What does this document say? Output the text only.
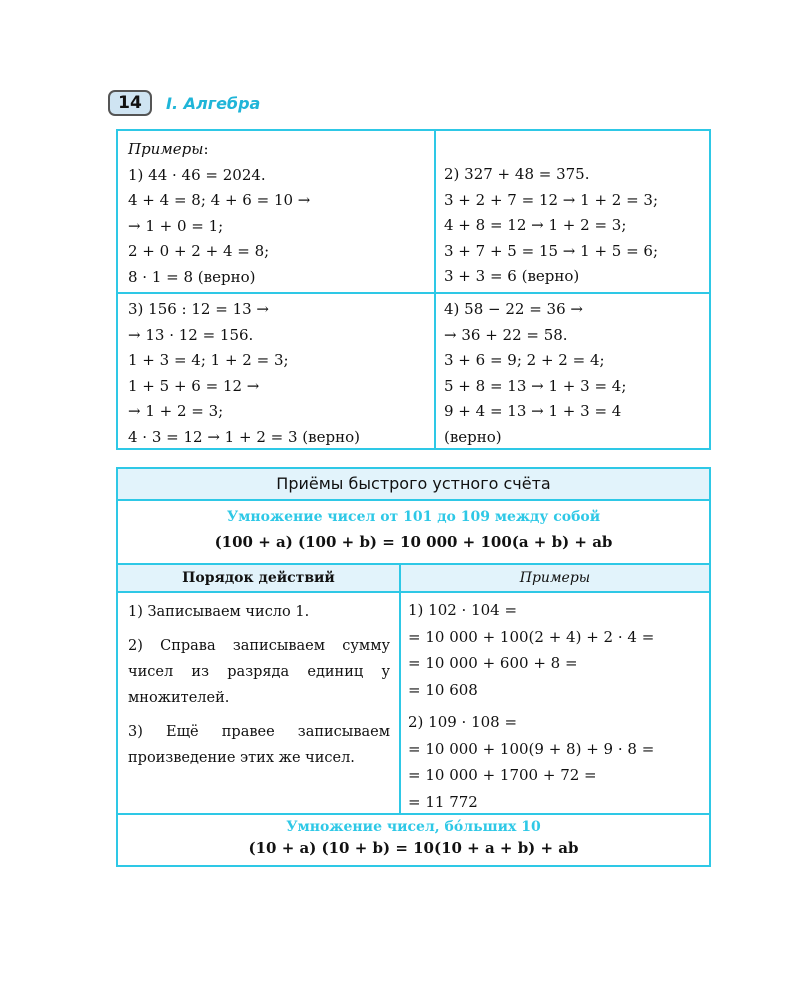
14	I. Алгебра
Примеры:
1) 44 · 46 = 2024.
4 + 4 = 8; 4 + 6 = 10 →
→ 1 + 0 = 1;
2 + 0 + 2 + 4 = 8;
8 · 1 = 8 (верно)
2) 327 + 48 = 375.
3 + 2 + 7 = 12 → 1 + 2 = 3;
4 + 8 = 12 → 1 + 2 = 3;
3 + 7 + 5 = 15 → 1 + 5 = 6;
3 + 3 = 6 (верно)
3) 156 : 12 = 13 →
→ 13 · 12 = 156.
1 + 3 = 4; 1 + 2 = 3;
1 + 5 + 6 = 12 →
→ 1 + 2 = 3;
4 · 3 = 12 → 1 + 2 = 3 (верно)
4) 58 − 22 = 36 →
→ 36 + 22 = 58.
3 + 6 = 9; 2 + 2 = 4;
5 + 8 = 13 → 1 + 3 = 4;
9 + 4 = 13 → 1 + 3 = 4
(верно)
Приёмы быстрого устного счёта
Умножение чисел от 101 до 109 между собой
(100 + a) (100 + b) = 10 000 + 100(a + b) + ab
Порядок действий	Примеры

1) Записываем число 1.

2) Справа записываем сумму чисел из разряда единиц у множителей.

3) Ещё правее записываем произведение этих же чисел.

1) 102 · 104 =
= 10 000 + 100(2 + 4) + 2 · 4 =
= 10 000 + 600 + 8 =
= 10 608
2) 109 · 108 =
= 10 000 + 100(9 + 8) + 9 · 8 =
= 10 000 + 1700 + 72 =
= 11 772
Умножение чисел, бóльших 10
(10 + a) (10 + b) = 10(10 + a + b) + ab
